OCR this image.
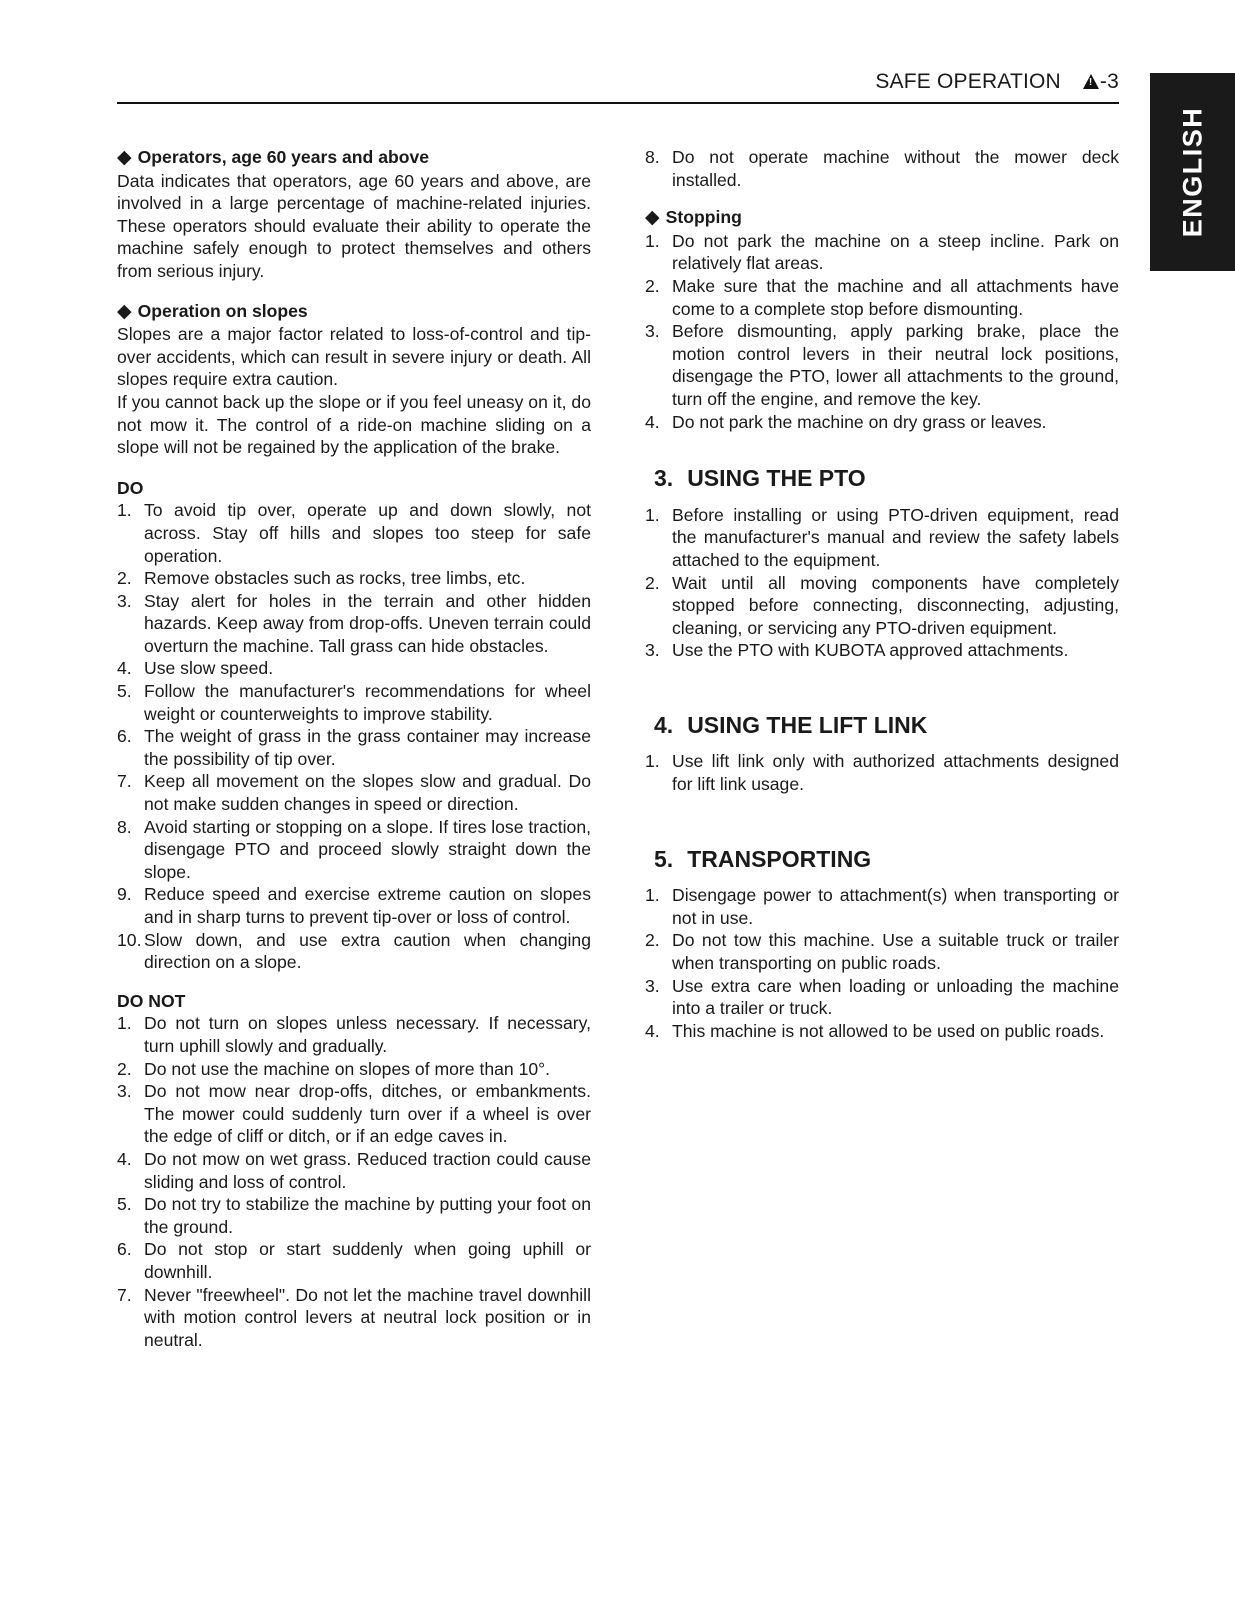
SAFE OPERATION
! -3
ENGLISH
◆ Operators, age 60 years and above

Data indicates that operators, age 60 years and above, are involved in a large percentage of machine-related injuries. These operators should evaluate their ability to operate the machine safely enough to protect themselves and others from serious injury.

◆ Operation on slopes

Slopes are a major factor related to loss-of-control and tip-over accidents, which can result in severe injury or death. All slopes require extra caution.

If you cannot back up the slope or if you feel uneasy on it, do not mow it. The control of a ride-on machine sliding on a slope will not be regained by the application of the brake.

DO
1. To avoid tip over, operate up and down slowly, not across. Stay off hills and slopes too steep for safe operation.
2. Remove obstacles such as rocks, tree limbs, etc.
3. Stay alert for holes in the terrain and other hidden hazards. Keep away from drop-offs. Uneven terrain could overturn the machine. Tall grass can hide obstacles.
4. Use slow speed.
5. Follow the manufacturer's recommendations for wheel weight or counterweights to improve stability.
6. The weight of grass in the grass container may increase the possibility of tip over.
7. Keep all movement on the slopes slow and gradual. Do not make sudden changes in speed or direction.
8. Avoid starting or stopping on a slope. If tires lose traction, disengage PTO and proceed slowly straight down the slope.
9. Reduce speed and exercise extreme caution on slopes and in sharp turns to prevent tip-over or loss of control.
10. Slow down, and use extra caution when changing direction on a slope.
DO NOT
1. Do not turn on slopes unless necessary. If necessary, turn uphill slowly and gradually.
2. Do not use the machine on slopes of more than 10°.
3. Do not mow near drop-offs, ditches, or embankments. The mower could suddenly turn over if a wheel is over the edge of cliff or ditch, or if an edge caves in.
4. Do not mow on wet grass. Reduced traction could cause sliding and loss of control.
5. Do not try to stabilize the machine by putting your foot on the ground.
6. Do not stop or start suddenly when going uphill or downhill.
7. Never "freewheel". Do not let the machine travel downhill with motion control levers at neutral lock position or in neutral.
8. Do not operate machine without the mower deck installed.
◆ Stopping
1. Do not park the machine on a steep incline. Park on relatively flat areas.
2. Make sure that the machine and all attachments have come to a complete stop before dismounting.
3. Before dismounting, apply parking brake, place the motion control levers in their neutral lock positions, disengage the PTO, lower all attachments to the ground, turn off the engine, and remove the key.
4. Do not park the machine on dry grass or leaves.
3. USING THE PTO
1. Before installing or using PTO-driven equipment, read the manufacturer's manual and review the safety labels attached to the equipment.
2. Wait until all moving components have completely stopped before connecting, disconnecting, adjusting, cleaning, or servicing any PTO-driven equipment.
3. Use the PTO with KUBOTA approved attachments.
4. USING THE LIFT LINK
1. Use lift link only with authorized attachments designed for lift link usage.
5. TRANSPORTING
1. Disengage power to attachment(s) when transporting or not in use.
2. Do not tow this machine. Use a suitable truck or trailer when transporting on public roads.
3. Use extra care when loading or unloading the machine into a trailer or truck.
4. This machine is not allowed to be used on public roads.
